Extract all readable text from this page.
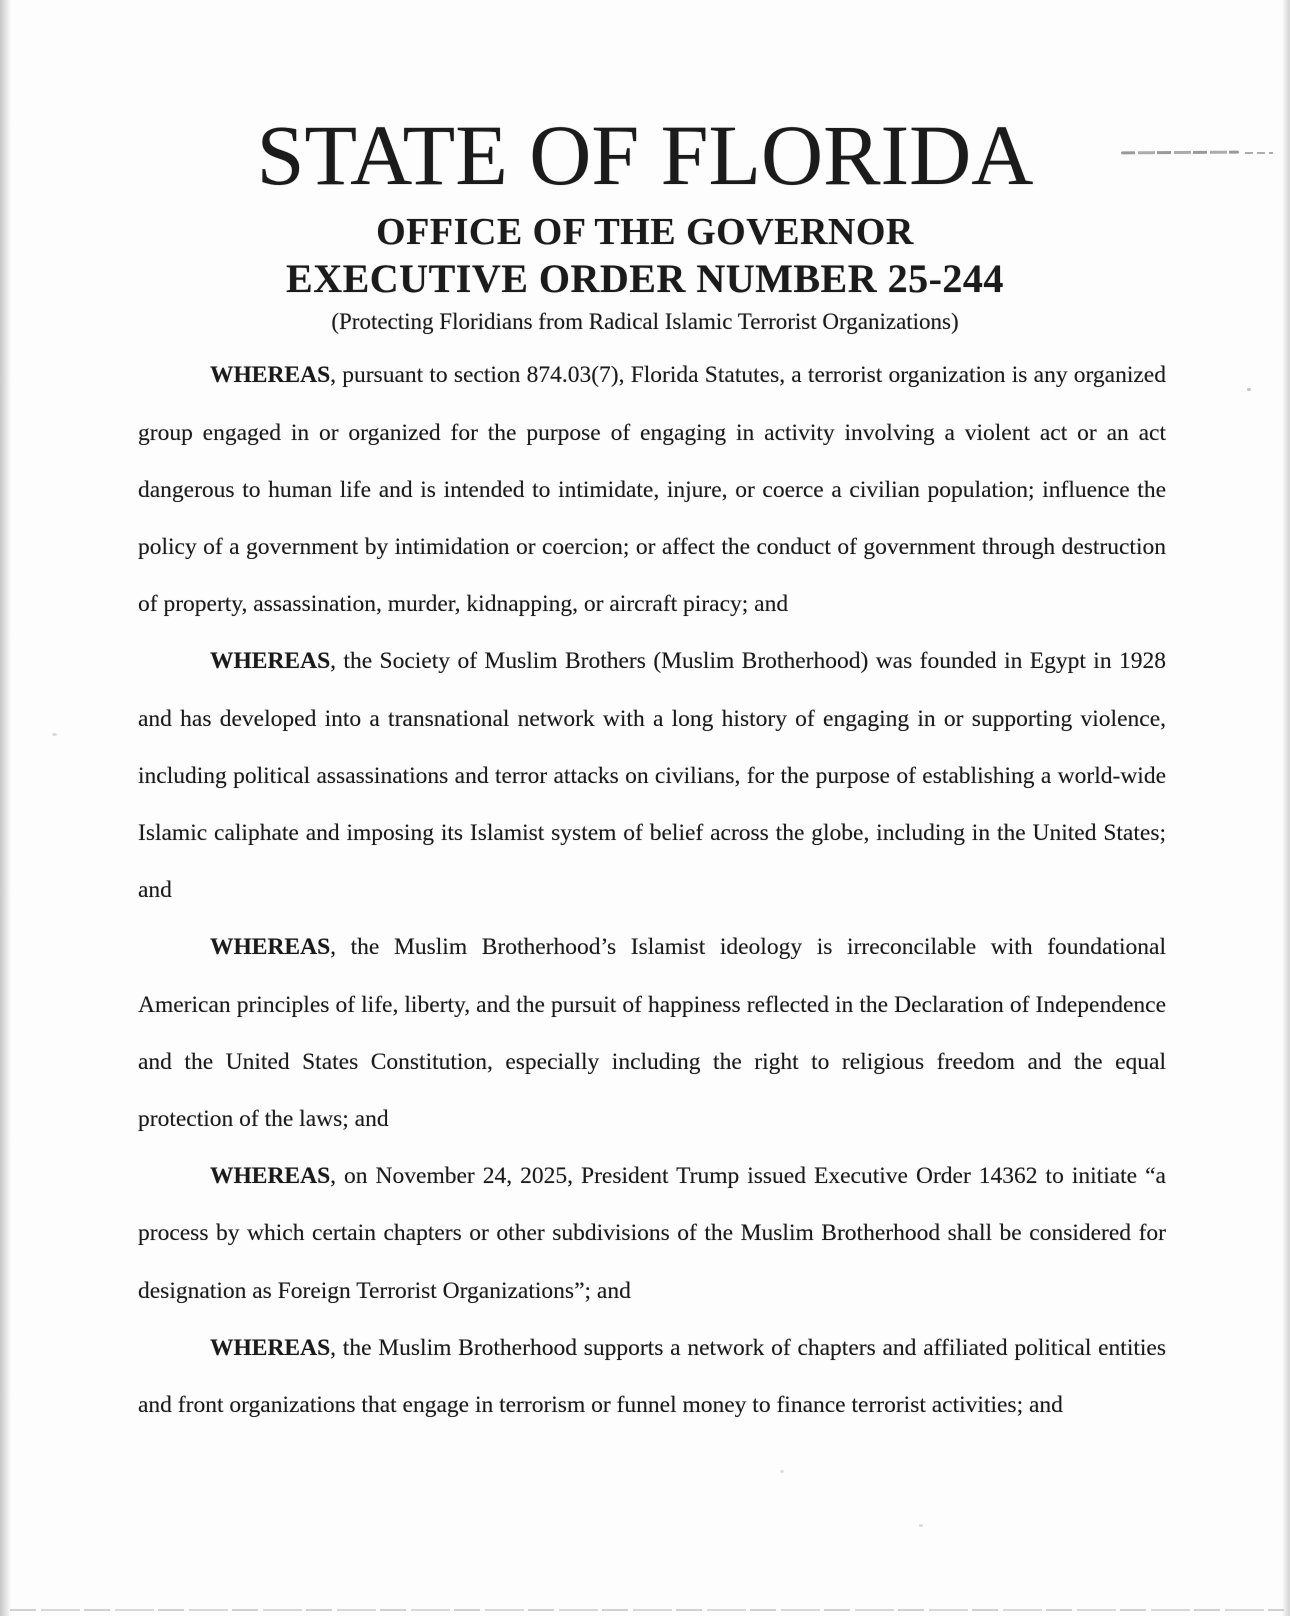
STATE OF FLORIDA
OFFICE OF THE GOVERNOR
EXECUTIVE ORDER NUMBER 25-244
(Protecting Floridians from Radical Islamic Terrorist Organizations)

WHEREAS, pursuant to section 874.03(7), Florida Statutes, a terrorist organization is any organized group engaged in or organized for the purpose of engaging in activity involving a violent act or an act dangerous to human life and is intended to intimidate, injure, or coerce a civilian population; influence the policy of a government by intimidation or coercion; or affect the conduct of government through destruction of property, assassination, murder, kidnapping, or aircraft piracy; and

WHEREAS, the Society of Muslim Brothers (Muslim Brotherhood) was founded in Egypt in 1928 and has developed into a transnational network with a long history of engaging in or supporting violence, including political assassinations and terror attacks on civilians, for the purpose of establishing a world-wide Islamic caliphate and imposing its Islamist system of belief across the globe, including in the United States; and

WHEREAS, the Muslim Brotherhood’s Islamist ideology is irreconcilable with foundational American principles of life, liberty, and the pursuit of happiness reflected in the Declaration of Independence and the United States Constitution, especially including the right to religious freedom and the equal protection of the laws; and

WHEREAS, on November 24, 2025, President Trump issued Executive Order 14362 to initiate “a process by which certain chapters or other subdivisions of the Muslim Brotherhood shall be considered for designation as Foreign Terrorist Organizations”; and

WHEREAS, the Muslim Brotherhood supports a network of chapters and affiliated political entities and front organizations that engage in terrorism or funnel money to finance terrorist activities; and
